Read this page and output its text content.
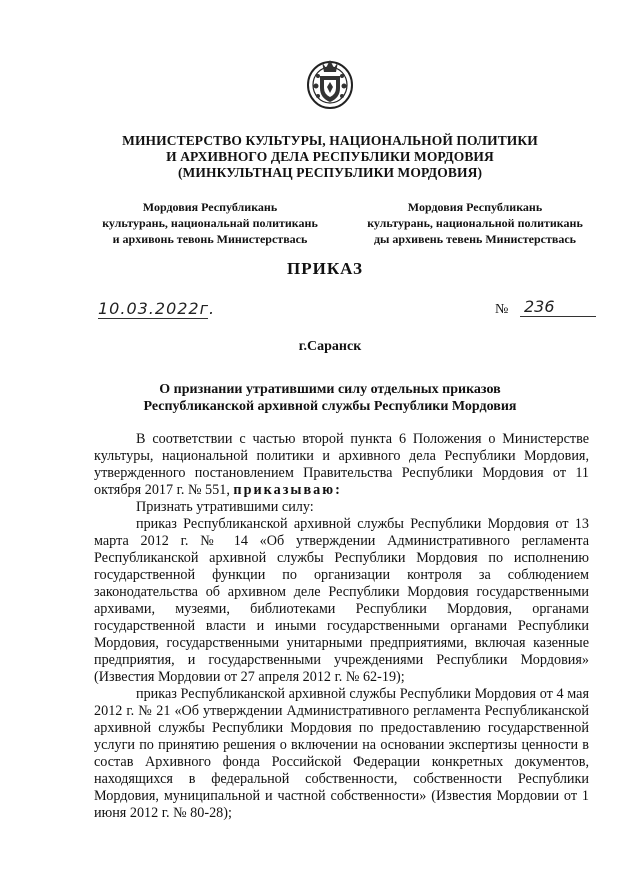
МИНИСТЕРСТВО КУЛЬТУРЫ, НАЦИОНАЛЬНОЙ ПОЛИТИКИ
И АРХИВНОГО ДЕЛА РЕСПУБЛИКИ МОРДОВИЯ
(МИНКУЛЬТНАЦ РЕСПУБЛИКИ МОРДОВИЯ)
Мордовия Республикань
культурань, национальнай политикань
и архивонь тевонь Министерствась
Мордовия Республикань
культурань, национальной политикань
ды архивень тевень Министерствась
ПРИКАЗ
10.03.2022г.	№ 236
г.Саранск
О признании утратившими силу отдельных приказов
Республиканской архивной службы Республики Мордовия

В соответствии с частью второй пункта 6 Положения о Министерстве культуры, национальной политики и архивного дела Республики Мордовия, утвержденного постановлением Правительства Республики Мордовия от 11 октября 2017 г. № 551, приказываю:

Признать утратившими силу:

приказ Республиканской архивной службы Республики Мордовия от 13 марта 2012 г. № 14 «Об утверждении Административного регламента Республиканской архивной службы Республики Мордовия по исполнению государственной функции по организации контроля за соблюдением законодательства об архивном деле Республики Мордовия государственными архивами, музеями, библиотеками Республики Мордовия, органами государственной власти и иными государственными органами Республики Мордовия, государственными унитарными предприятиями, включая казенные предприятия, и государственными учреждениями Республики Мордовия» (Известия Мордовии от 27 апреля 2012 г. № 62-19);

приказ Республиканской архивной службы Республики Мордовия от 4 мая 2012 г. № 21 «Об утверждении Административного регламента Республиканской архивной службы Республики Мордовия по предоставлению государственной услуги по принятию решения о включении на основании экспертизы ценности в состав Архивного фонда Российской Федерации конкретных документов, находящихся в федеральной собственности, собственности Республики Мордовия, муниципальной и частной собственности» (Известия Мордовии от 1 июня 2012 г. № 80-28);
